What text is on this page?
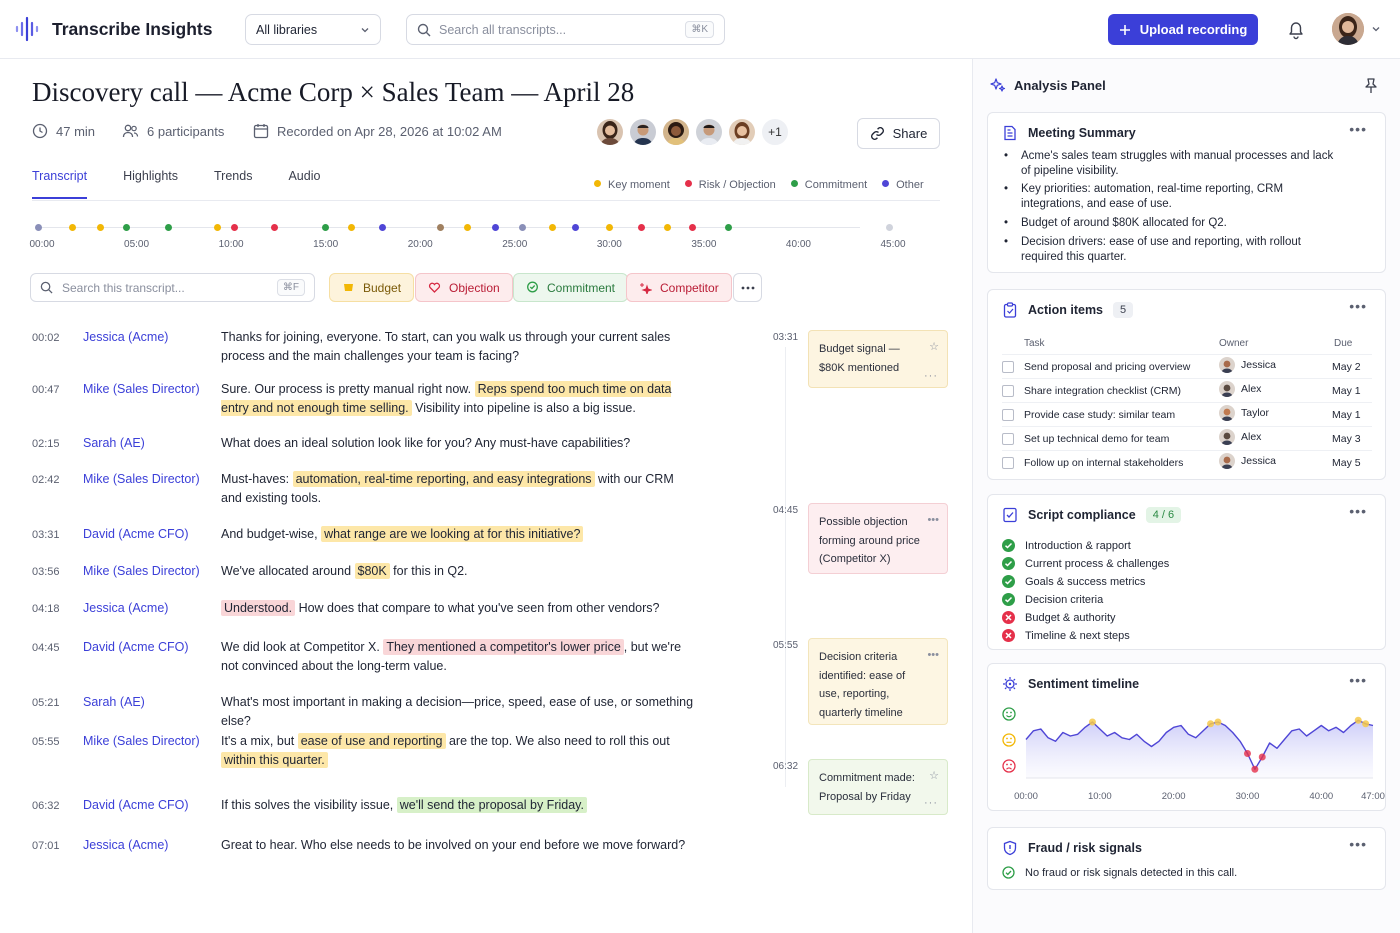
Transcribe Insights	All libraries	Search all transcripts...	⌘K	Upload recording
Discovery call — Acme Corp × Sales Team — April 28
47 min	6 participants	Recorded on Apr 28, 2026 at 10:02 AM	+1	Share
Transcript	Highlights	Trends	Audio
Key moment	Risk / Objection	Commitment	Other
00:00	05:00	10:00	15:00	20:00	25:00	30:00	35:00	40:00	45:00
Search this transcript...	⌘F	Budget	Objection	Commitment	Competitor
00:02	Jessica (Acme)	Thanks for joining, everyone. To start, can you walk us through your current sales process and the main challenges your team is facing?
00:47	Mike (Sales Director)	Sure. Our process is pretty manual right now. Reps spend too much time on data entry and not enough time selling. Visibility into pipeline is also a big issue.
02:15	Sarah (AE)	What does an ideal solution look like for you? Any must-have capabilities?
02:42	Mike (Sales Director)	Must-haves: automation, real-time reporting, and easy integrations with our CRM and existing tools.
03:31	David (Acme CFO)	And budget-wise, what range are we looking at for this initiative?
03:56	Mike (Sales Director)	We've allocated around $80K for this in Q2.
04:18	Jessica (Acme)	Understood. How does that compare to what you've seen from other vendors?
04:45	David (Acme CFO)	We did look at Competitor X. They mentioned a competitor's lower price , but we're not convinced about the long-term value.
05:21	Sarah (AE)	What's most important in making a decision—price, speed, ease of use, or something else?
05:55	Mike (Sales Director)	It's a mix, but ease of use and reporting are the top. We also need to roll this out within this quarter.
06:32	David (Acme CFO)	If this solves the visibility issue, we'll send the proposal by Friday.
07:01	Jessica (Acme)	Great to hear. Who else needs to be involved on your end before we move forward?
03:31
Budget signal — $80K mentioned
☆
···
04:45
Possible objection forming around price (Competitor X)
•••
05:55
Decision criteria identified: ease of use, reporting, quarterly timeline
•••
06:32
Commitment made: Proposal by Friday
☆
···
Analysis Panel
Meeting Summary	•••
• Acme's sales team struggles with manual processes and lack of pipeline visibility.
• Key priorities: automation, real-time reporting, CRM integrations, and ease of use.
• Budget of around $80K allocated for Q2.
• Decision drivers: ease of use and reporting, with rollout required this quarter.
Action items	5	•••
Task	Owner	Due
Send proposal and pricing overview	Jessica	May 2
Share integration checklist (CRM)	Alex	May 1
Provide case study: similar team	Taylor	May 1
Set up technical demo for team	Alex	May 3
Follow up on internal stakeholders	Jessica	May 5
Script compliance	4 / 6	•••
Introduction & rapport
Current process & challenges
Goals & success metrics
Decision criteria
Budget & authority
Timeline & next steps
Sentiment timeline	•••
00:00	10:00	20:00	30:00	40:00	47:00
Fraud / risk signals	•••
No fraud or risk signals detected in this call.
